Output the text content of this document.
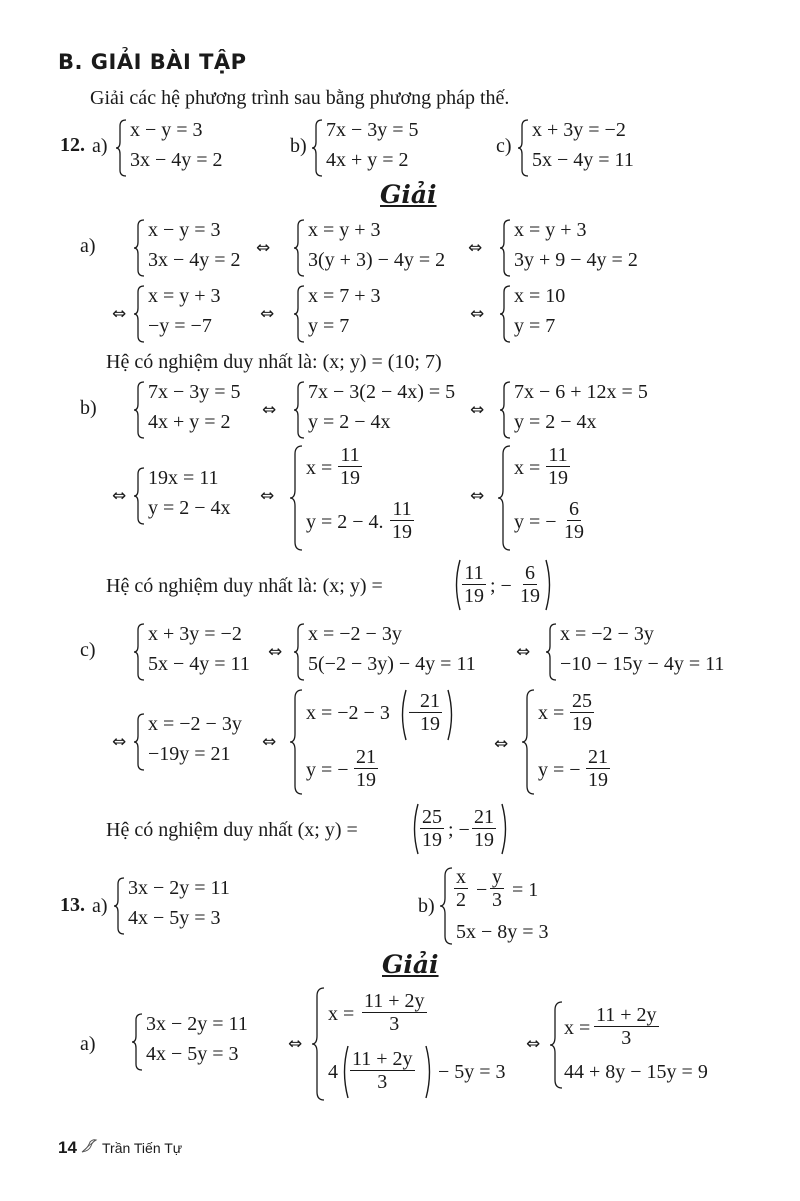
B. GIẢI BÀI TẬP
Giải các hệ phương trình sau bằng phương pháp thế.
12. a)
x − y = 3
3x − 4y = 2
b)
7x − 3y = 5
4x + y = 2
c)
x + 3y = −2
5x − 4y = 11
Giải
a)
x − y = 3
3x − 4y = 2
⇔
x = y + 3
3(y + 3) − 4y = 2
⇔
x = y + 3
3y + 9 − 4y = 2
⇔
x = y + 3
−y = −7
⇔
x = 7 + 3
y = 7
⇔
x = 10
y = 7
Hệ có nghiệm duy nhất là: (x; y) = (10; 7)
b)
7x − 3y = 5
4x + y = 2
⇔
7x − 3(2 − 4x) = 5
y = 2 − 4x
⇔
7x − 6 + 12x = 5
y = 2 − 4x
⇔
19x = 11
y = 2 − 4x
⇔
$x = \frac{11}{19}$
y = 2 − 4. $\frac{11}{19}$
⇔
$x = \frac{11}{19}$
y = − $\frac{6}{19}$
Hệ có nghiệm duy nhất là: (x; y) =	$\frac{11}{19}$ ; − $\frac{6}{19}$
c)
x + 3y = −2
5x − 4y = 11
⇔
x = −2 − 3y
5(−2 − 3y) − 4y = 11
⇔
x = −2 − 3y
−10 − 15y − 4y = 11
⇔
x = −2 − 3y
−19y = 21
⇔
x = −2 − 3 −
$\frac{21}{19}$
y = − $\frac{21}{19}$
⇔
$x = \frac{25}{19}$
y = − $\frac{21}{19}$
Hệ có nghiệm duy nhất (x; y) =	$\frac{25}{19}$ ; − $\frac{21}{19}$
13. a)
3x − 2y = 11
4x − 5y = 3
$b) \frac{x}{2} - \frac{y}{3} = 1$
5x − 8y = 3
Giải
a)
3x − 2y = 11
4x − 5y = 3	⇔
$x = \frac{11 + 2y}{3}$
$4 \frac{11 + 2y}{3} - 5y = 3$
⇔
$x = \frac{11 + 2y}{3}$
44 + 8y − 15y = 9
14 Trần Tiến Tự
